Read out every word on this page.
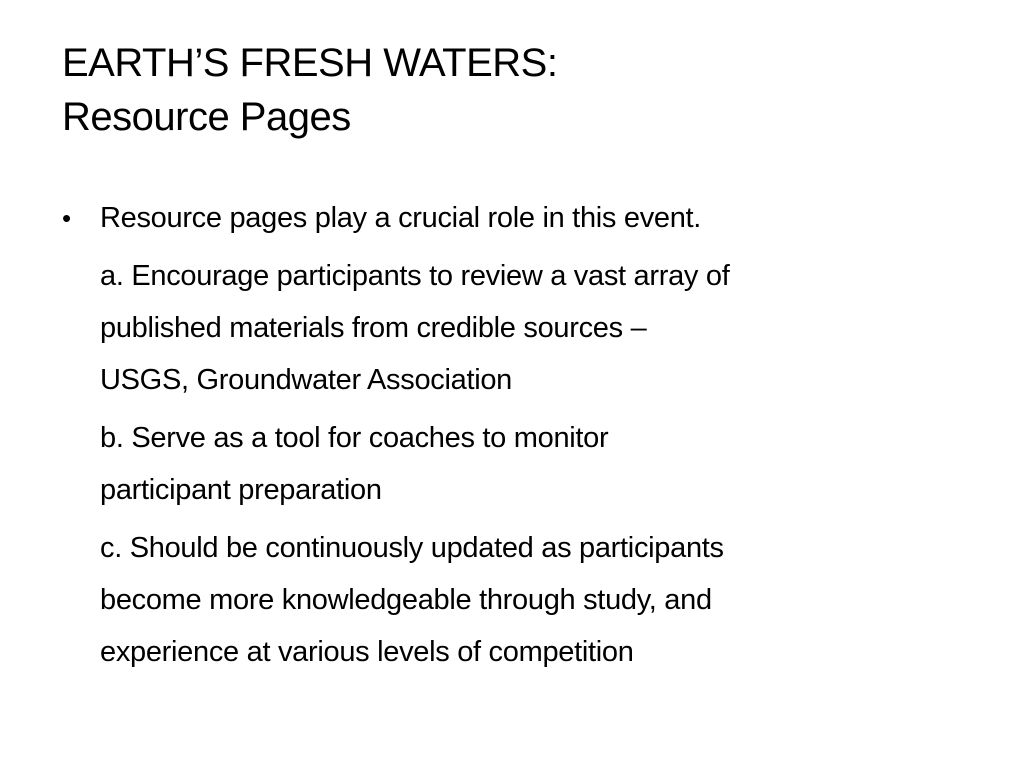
EARTH’S FRESH WATERS:
Resource Pages
• Resource pages play a crucial role in this event.
a. Encourage participants to review a vast array of
published materials from credible sources –
USGS, Groundwater Association
b. Serve as a tool for coaches to monitor
participant preparation
c. Should be continuously updated as participants
become more knowledgeable through study, and
experience at various levels of competition
